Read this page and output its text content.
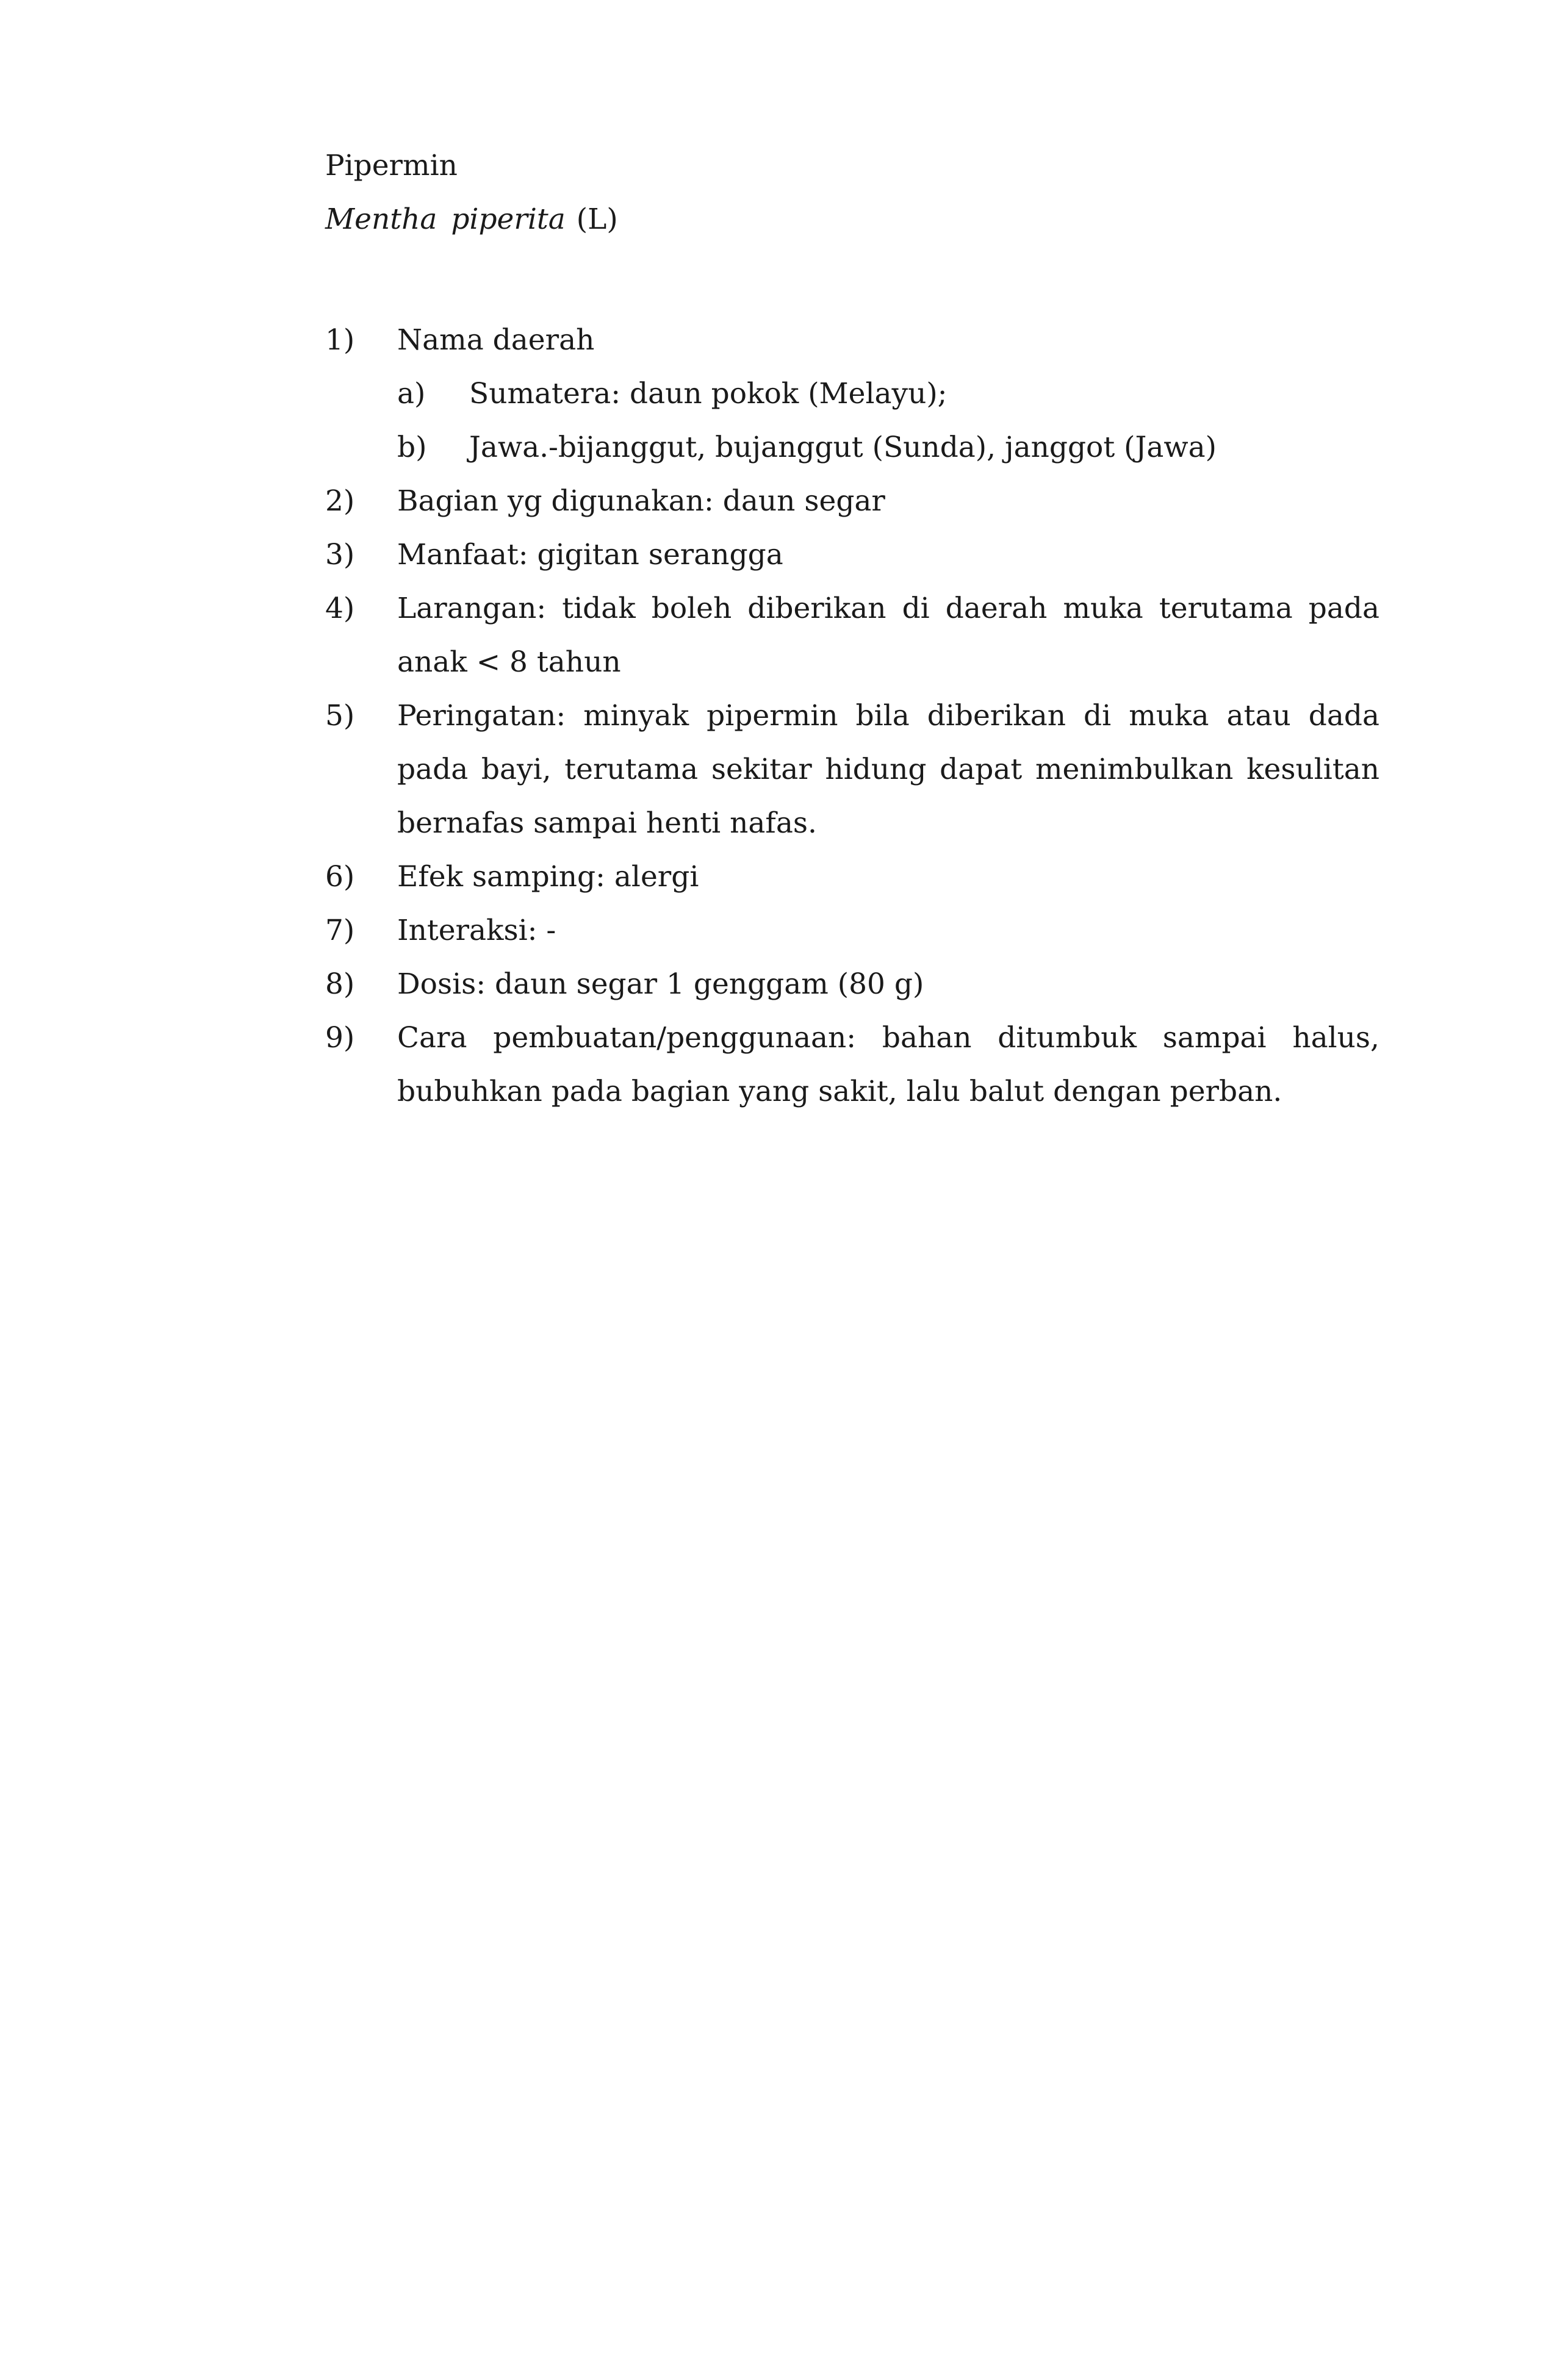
Pipermin

Mentha piperita (L)

1)	Nama daerah
a)	Sumatera: daun pokok (Melayu);
b)	Jawa.-bijanggut, bujanggut (Sunda), janggot (Jawa)
2)	Bagian yg digunakan: daun segar
3)	Manfaat: gigitan serangga
4)	Larangan: tidak boleh diberikan di daerah muka terutama pada anak < 8 tahun
5)	Peringatan: minyak pipermin bila diberikan di muka atau dada pada bayi, terutama sekitar hidung dapat menimbulkan kesulitan bernafas sampai henti nafas.
6)	Efek samping: alergi
7)	Interaksi: -
8)	Dosis: daun segar 1 genggam (80 g)
9)	Cara pembuatan/penggunaan: bahan ditumbuk sampai halus, bubuhkan pada bagian yang sakit, lalu balut dengan perban.
